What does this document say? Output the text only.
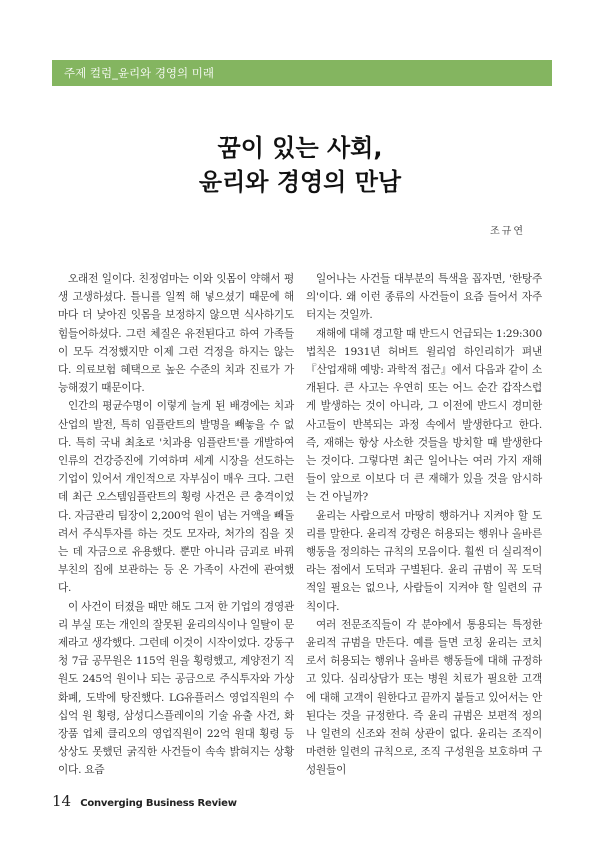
주제 컬럼_윤리와 경영의 미래
꿈이 있는 사회,
윤리와 경영의 만남
조규연

오래전 일이다. 친정엄마는 이와 잇몸이 약해서 평생 고생하셨다. 틀니를 일찍 해 넣으셨기 때문에 해마다 더 낮아진 잇몸을 보정하지 않으면 식사하기도 힘들어하셨다. 그런 체질은 유전된다고 하여 가족들이 모두 걱정했지만 이제 그런 걱정을 하지는 않는다. 의료보험 혜택으로 높은 수준의 치과 진료가 가능해졌기 때문이다.

인간의 평균수명이 이렇게 늘게 된 배경에는 치과산업의 발전, 특히 임플란트의 발명을 빼놓을 수 없다. 특히 국내 최초로 '치과용 임플란트'를 개발하여 인류의 건강증진에 기여하며 세계 시장을 선도하는 기업이 있어서 개인적으로 자부심이 매우 크다. 그런데 최근 오스템임플란트의 횡령 사건은 큰 충격이었다. 자금관리 팀장이 2,200억 원이 넘는 거액을 빼돌려서 주식투자를 하는 것도 모자라, 처가의 집을 짓는 데 자금으로 유용했다. 뿐만 아니라 금괴로 바꿔 부친의 집에 보관하는 등 온 가족이 사건에 관여했다.

이 사건이 터졌을 때만 해도 그저 한 기업의 경영관리 부실 또는 개인의 잘못된 윤리의식이나 일탈이 문제라고 생각했다. 그런데 이것이 시작이었다. 강동구청 7급 공무원은 115억 원을 횡령했고, 계양전기 직원도 245억 원이나 되는 공금으로 주식투자와 가상화폐, 도박에 탕진했다. LG유플러스 영업직원의 수십억 원 횡령, 삼성디스플레이의 기술 유출 사건, 화장품 업체 클리오의 영업직원이 22억 원대 횡령 등 상상도 못했던 굵직한 사건들이 속속 밝혀지는 상황이다. 요즘

일어나는 사건들 대부분의 특색을 꼽자면, '한탕주의'이다. 왜 이런 종류의 사건들이 요즘 들어서 자주 터지는 것일까.

재해에 대해 경고할 때 반드시 언급되는 1:29:300 법칙은 1931년 허버트 윌리엄 하인리히가 펴낸 『산업재해 예방: 과학적 접근』에서 다음과 같이 소개된다. 큰 사고는 우연히 또는 어느 순간 갑작스럽게 발생하는 것이 아니라, 그 이전에 반드시 경미한 사고들이 반복되는 과정 속에서 발생한다고 한다. 즉, 재해는 항상 사소한 것들을 방치할 때 발생한다는 것이다. 그렇다면 최근 일어나는 여러 가지 재해들이 앞으로 이보다 더 큰 재해가 있을 것을 암시하는 건 아닐까?

윤리는 사람으로서 마땅히 행하거나 지켜야 할 도리를 말한다. 윤리적 강령은 허용되는 행위나 올바른 행동을 정의하는 규칙의 모음이다. 훨씬 더 실리적이라는 점에서 도덕과 구별된다. 윤리 규범이 꼭 도덕적일 필요는 없으나, 사람들이 지켜야 할 일련의 규칙이다.

여러 전문조직들이 각 분야에서 통용되는 특정한 윤리적 규범을 만든다. 예를 들면 코칭 윤리는 코치로서 허용되는 행위나 올바른 행동들에 대해 규정하고 있다. 심리상담가 또는 병원 치료가 필요한 고객에 대해 고객이 원한다고 끝까지 붙들고 있어서는 안 된다는 것을 규정한다. 즉 윤리 규범은 보편적 정의나 일련의 신조와 전혀 상관이 없다. 윤리는 조직이 마련한 일련의 규칙으로, 조직 구성원을 보호하며 구성원들이

14 Converging Business Review
